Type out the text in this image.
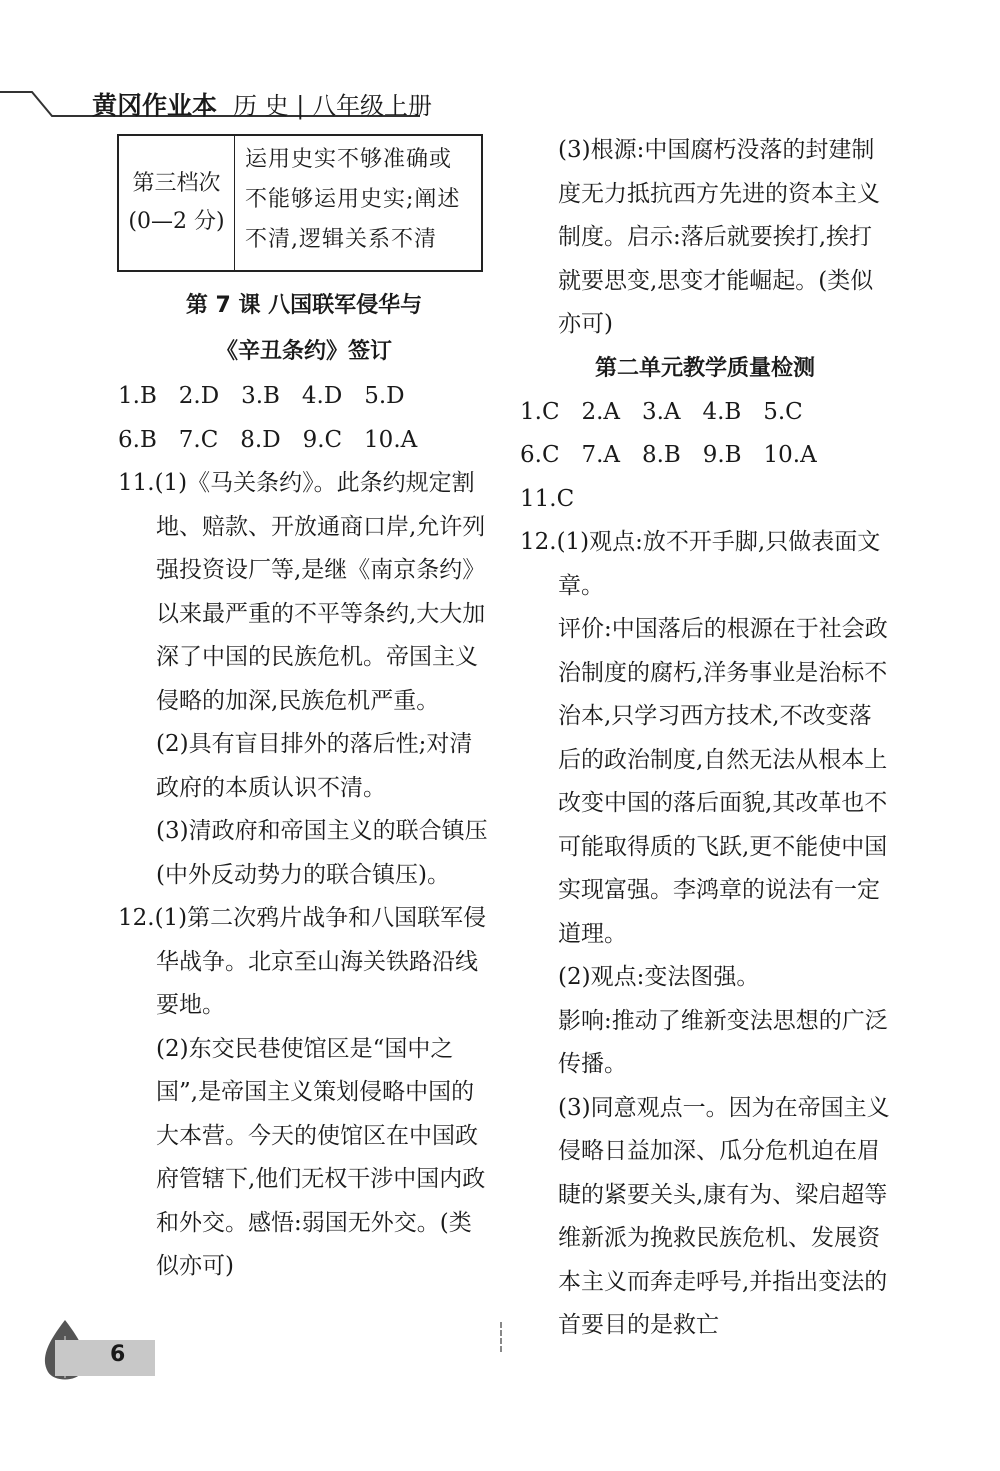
黄冈作业本 历 史 | 八年级上册
第三档次
(0—2 分)
运用史实不够准确或
不能够运用史实;阐述
不清,逻辑关系不清
第 7 课 八国联军侵华与
《辛丑条约》签订

1.B   2.D   3.B   4.D   5.D

6.B   7.C   8.D   9.C   10.A

11.(1)《马关条约》。此条约规定割地、赔款、开放通商口岸,允许列强投资设厂等,是继《南京条约》以来最严重的不平等条约,大大加深了中国的民族危机。帝国主义侵略的加深,民族危机严重。

(2)具有盲目排外的落后性;对清政府的本质认识不清。

(3)清政府和帝国主义的联合镇压(中外反动势力的联合镇压)。

12.(1)第二次鸦片战争和八国联军侵华战争。北京至山海关铁路沿线要地。

(2)东交民巷使馆区是“国中之国”,是帝国主义策划侵略中国的大本营。今天的使馆区在中国政府管辖下,他们无权干涉中国内政和外交。感悟:弱国无外交。(类似亦可)

(3)根源:中国腐朽没落的封建制度无力抵抗西方先进的资本主义制度。启示:落后就要挨打,挨打就要思变,思变才能崛起。(类似亦可)

第二单元教学质量检测

1.C   2.A   3.A   4.B   5.C

6.C   7.A   8.B   9.B   10.A

11.C

12.(1)观点:放不开手脚,只做表面文章。

评价:中国落后的根源在于社会政治制度的腐朽,洋务事业是治标不治本,只学习西方技术,不改变落后的政治制度,自然无法从根本上改变中国的落后面貌,其改革也不可能取得质的飞跃,更不能使中国实现富强。李鸿章的说法有一定道理。

(2)观点:变法图强。

影响:推动了维新变法思想的广泛传播。

(3)同意观点一。因为在帝国主义侵略日益加深、瓜分危机迫在眉睫的紧要关头,康有为、梁启超等维新派为挽救民族危机、发展资本主义而奔走呼号,并指出变法的首要目的是救亡

6
